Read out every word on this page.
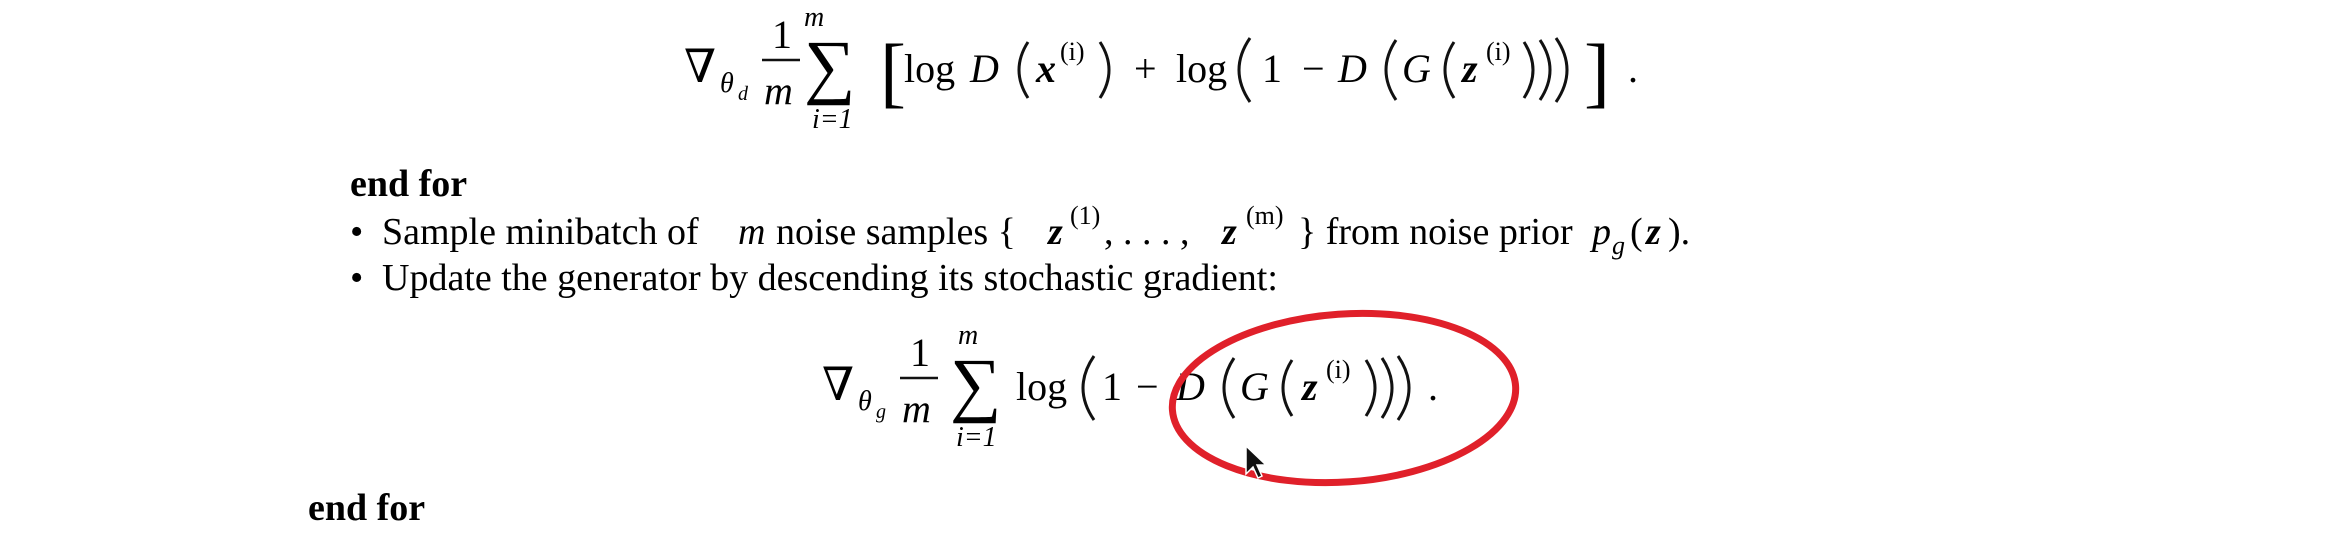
∇ θ d
1
m
m
∑
i=1
[
log D x (i) + log 1 − D G z (i) ] .
end for
• Sample minibatch of m noise samples { z (1) , . . . , z (m) } from noise prior p g ( z ).
• Update the generator by descending its stochastic gradient:
∇ θ g
1
m
m
∑
i=1
log 1 − D G z (i) .
end for
